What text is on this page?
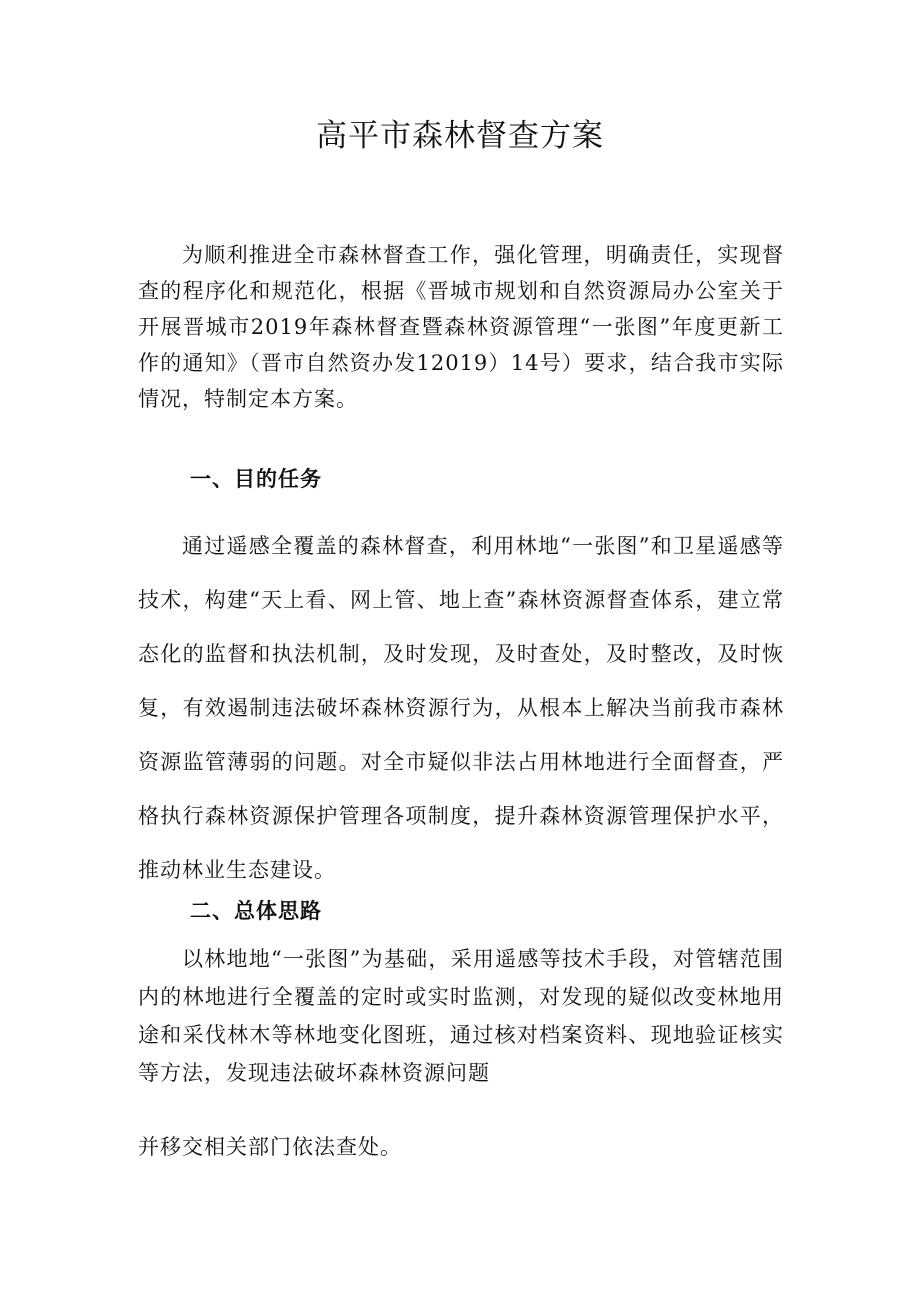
高平市森林督查方案

为顺利推进全市森林督查工作，强化管理，明确责任，实现督查的程序化和规范化，根据《晋城市规划和自然资源局办公室关于开展晋城市2019年森林督查暨森林资源管理“一张图”年度更新工作的通知》（晋市自然资办发12019）14号）要求，结合我市实际情况，特制定本方案。

一、目的任务

通过遥感全覆盖的森林督查，利用林地“一张图”和卫星遥感等技术，构建“天上看、网上管、地上查”森林资源督查体系，建立常态化的监督和执法机制，及时发现，及时查处，及时整改，及时恢复，有效遏制违法破坏森林资源行为，从根本上解决当前我市森林资源监管薄弱的问题。对全市疑似非法占用林地进行全面督查，严格执行森林资源保护管理各项制度，提升森林资源管理保护水平，推动林业生态建设。

二、总体思路

以林地地“一张图”为基础，采用遥感等技术手段，对管辖范围内的林地进行全覆盖的定时或实时监测，对发现的疑似改变林地用途和采伐林木等林地变化图班，通过核对档案资料、现地验证核实等方法，发现违法破坏森林资源问题

并移交相关部门依法查处。
